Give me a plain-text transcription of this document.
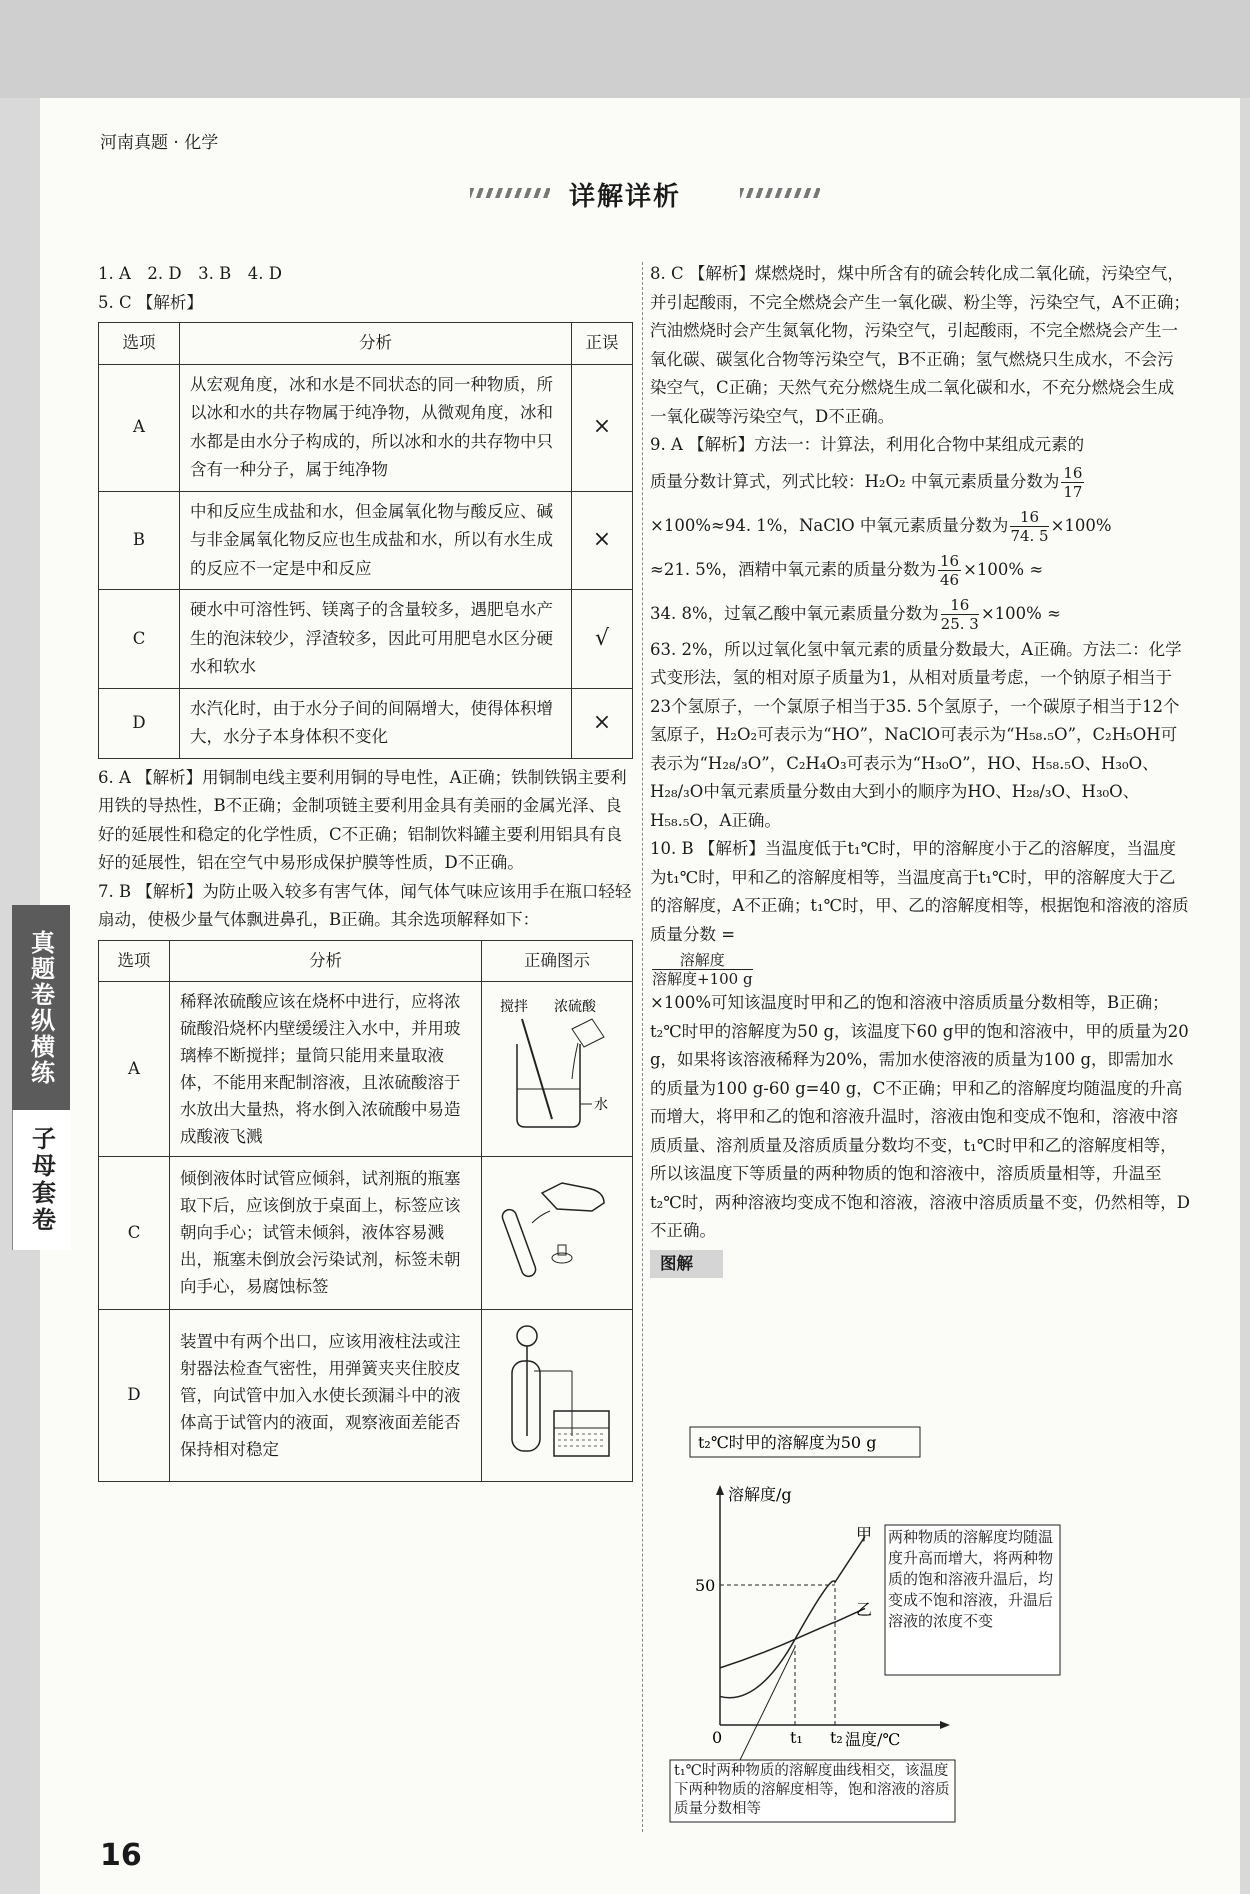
河南真题 · 化学
详解详析
真题卷纵横练
子母套卷

1. A　2. D　3. B　4. D

5. C 【解析】

选项	分析	正误
A	从宏观角度，冰和水是不同状态的同一种物质，所以冰和水的共存物属于纯净物，从微观角度，冰和水都是由水分子构成的，所以冰和水的共存物中只含有一种分子，属于纯净物	×
B	中和反应生成盐和水，但金属氧化物与酸反应、碱与非金属氧化物反应也生成盐和水，所以有水生成的反应不一定是中和反应	×
C	硬水中可溶性钙、镁离子的含量较多，遇肥皂水产生的泡沫较少，浮渣较多，因此可用肥皂水区分硬水和软水	√
D	水汽化时，由于水分子间的间隔增大，使得体积增大，水分子本身体积不变化	×

6. A 【解析】用铜制电线主要利用铜的导电性，A正确；铁制铁锅主要利用铁的导热性，B不正确；金制项链主要利用金具有美丽的金属光泽、良好的延展性和稳定的化学性质，C不正确；铝制饮料罐主要利用铝具有良好的延展性，铝在空气中易形成保护膜等性质，D不正确。

7. B 【解析】为防止吸入较多有害气体，闻气体气味应该用手在瓶口轻轻扇动，使极少量气体飘进鼻孔，B正确。其余选项解释如下：

选项	分析	正确图示
A	稀释浓硫酸应该在烧杯中进行，应将浓硫酸沿烧杯内壁缓缓注入水中，并用玻璃棒不断搅拌；量筒只能用来量取液体，不能用来配制溶液，且浓硫酸溶于水放出大量热，将水倒入浓硫酸中易造成酸液飞溅	搅拌 浓硫酸
水

C	倾倒液体时试管应倾斜，试剂瓶的瓶塞取下后，应该倒放于桌面上，标签应该朝向手心；试管未倾斜，液体容易溅出，瓶塞未倒放会污染试剂，标签未朝向手心，易腐蚀标签	
D	装置中有两个出口，应该用液柱法或注射器法检查气密性，用弹簧夹夹住胶皮管，向试管中加入水使长颈漏斗中的液体高于试管内的液面，观察液面差能否保持相对稳定	

8. C 【解析】煤燃烧时，煤中所含有的硫会转化成二氧化硫，污染空气，并引起酸雨，不完全燃烧会产生一氧化碳、粉尘等，污染空气，A不正确；汽油燃烧时会产生氮氧化物，污染空气，引起酸雨，不完全燃烧会产生一氧化碳、碳氢化合物等污染空气，B不正确；氢气燃烧只生成水，不会污染空气，C正确；天然气充分燃烧生成二氧化碳和水，不充分燃烧会生成一氧化碳等污染空气，D不正确。

9. A 【解析】方法一：计算法，利用化合物中某组成元素的

质量分数计算式，列式比较：H₂O₂ 中氧元素质量分数为 $\frac{16}{17}$

×100%≈94. 1%，NaClO 中氧元素质量分数为 $\frac{16}{74. 5} \times 100\%$

≈21. 5%，酒精中氧元素的质量分数为 $\frac{16}{46} \times 100\%$ ≈

34. 8%，过氧乙酸中氧元素质量分数为 $\frac{16}{25. 3} \times 100\%$ ≈

63. 2%，所以过氧化氢中氧元素的质量分数最大，A正确。方法二：化学式变形法，氢的相对原子质量为1，从相对质量考虑，一个钠原子相当于23个氢原子，一个氯原子相当于35. 5个氢原子，一个碳原子相当于12个氢原子，H₂O₂可表示为“HO”，NaClO可表示为“H₅₈.₅O”，C₂H₅OH可表示为“H₂₈/₃O”，C₂H₄O₃可表示为“H₃₀O”，HO、H₅₈.₅O、H₃₀O、H₂₈/₃O中氧元素质量分数由大到小的顺序为HO、H₂₈/₃O、H₃₀O、H₅₈.₅O，A正确。

10. B 【解析】当温度低于t₁℃时，甲的溶解度小于乙的溶解度，当温度为t₁℃时，甲和乙的溶解度相等，当温度高于t₁℃时，甲的溶解度大于乙的溶解度，A不正确；t₁℃时，甲、乙的溶解度相等，根据饱和溶液的溶质质量分数 =

$\frac{\text{溶解度}}{\text{溶解度+100 g}}$

×100%可知该温度时甲和乙的饱和溶液中溶质质量分数相等，B正确；t₂℃时甲的溶解度为50 g，该温度下60 g甲的饱和溶液中，甲的质量为20 g，如果将该溶液稀释为20%，需加水使溶液的质量为100 g，即需加水的质量为100 g-60 g=40 g，C不正确；甲和乙的溶解度均随温度的升高而增大，将甲和乙的饱和溶液升温时，溶液由饱和变成不饱和，溶液中溶质质量、溶剂质量及溶质质量分数均不变，t₁℃时甲和乙的溶解度相等，所以该温度下等质量的两种物质的饱和溶液中，溶质质量相等，升温至t₂℃时，两种溶液均变成不饱和溶液，溶液中溶质质量不变，仍然相等，D不正确。

图解
t₂℃时甲的溶解度为50 g
溶解度/g
温度/℃
50
0	t₁ t₂
甲
乙
两种物质的溶解度均随温度升高而增大，将两种物质的饱和溶液升温后，均变成不饱和溶液，升温后溶液的浓度不变
t₁℃时两种物质的溶解度曲线相交，该温度下两种物质的溶解度相等，饱和溶液的溶质质量分数相等
16
